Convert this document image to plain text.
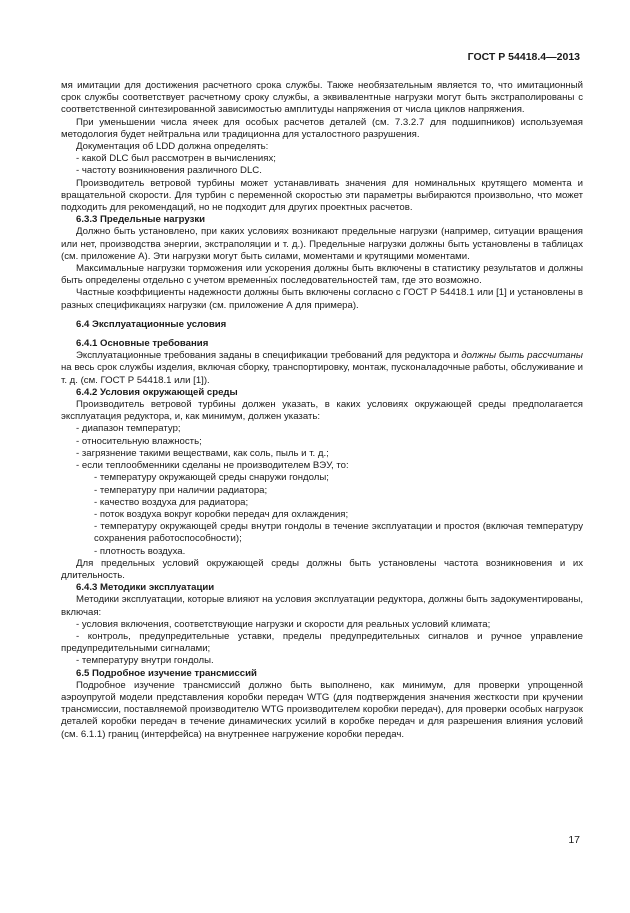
ГОСТ Р 54418.4—2013

мя имитации для достижения расчетного срока службы. Также необязательным является то, что имитационный срок службы соответствует расчетному сроку службы, а эквивалентные нагрузки могут быть экстраполированы с соответственной синтезированной зависимостью амплитуды напряжения от числа циклов напряжения.

При уменьшении числа ячеек для особых расчетов деталей (см. 7.3.2.7 для подшипников) используемая методология будет нейтральна или традиционна для усталостного разрушения.

Документация об LDD должна определять:

- какой DLC был рассмотрен в вычислениях;

- частоту возникновения различного DLC.

Производитель ветровой турбины может устанавливать значения для номинальных крутящего момента и вращательной скорости. Для турбин с переменной скоростью эти параметры выбираются произвольно, что может подходить для рекомендаций, но не подходит для других проектных расчетов.

6.3.3 Предельные нагрузки

Должно быть установлено, при каких условиях возникают предельные нагрузки (например, ситуации вращения или нет, производства энергии, экстраполяции и т. д.). Предельные нагрузки должны быть установлены в таблицах (см. приложение А). Эти нагрузки могут быть силами, моментами и крутящими моментами.

Максимальные нагрузки торможения или ускорения должны быть включены в статистику результатов и должны быть определены отдельно с учетом временны́х последовательностей там, где это возможно.

Частные коэффициенты надежности должны быть включены согласно с ГОСТ Р 54418.1 или [1] и установлены в разных спецификациях нагрузки (см. приложение А для примера).

6.4 Эксплуатационные условия

6.4.1 Основные требования

Эксплуатационные требования заданы в спецификации требований для редуктора и должны быть рассчитаны на весь срок службы изделия, включая сборку, транспортировку, монтаж, пусконаладочные работы, обслуживание и т. д. (см. ГОСТ Р 54418.1 или [1]).

6.4.2 Условия окружающей среды

Производитель ветровой турбины должен указать, в каких условиях окружающей среды предполагается эксплуатация редуктора, и, как минимум, должен указать:

- диапазон температур;

- относительную влажность;

- загрязнение такими веществами, как соль, пыль и т. д.;

- если теплообменники сделаны не производителем ВЭУ, то:

- температуру окружающей среды снаружи гондолы;

- температуру при наличии радиатора;

- качество воздуха для радиатора;

- поток воздуха вокруг коробки передач для охлаждения;

- температуру окружающей среды внутри гондолы в течение эксплуатации и простоя (включая температуру сохранения работоспособности);

- плотность воздуха.

Для предельных условий окружающей среды должны быть установлены частота возникновения и их длительность.

6.4.3 Методики эксплуатации

Методики эксплуатации, которые влияют на условия эксплуатации редуктора, должны быть задокументированы, включая:

- условия включения, соответствующие нагрузки и скорости для реальных условий климата;

- контроль, предупредительные уставки, пределы предупредительных сигналов и ручное управление предупредительными сигналами;

- температуру внутри гондолы.

6.5 Подробное изучение трансмиссий

Подробное изучение трансмиссий должно быть выполнено, как минимум, для проверки упрощенной аэроупругой модели представления коробки передач WTG (для подтверждения значения жесткости при кручении трансмиссии, поставляемой производителю WTG производителем коробки передач), для проверки особых нагрузок деталей коробки передач в течение динамических усилий в коробке передач и для разрешения влияния условий (см. 6.1.1) границ (интерфейса) на внутреннее нагружение коробки передач.

17
